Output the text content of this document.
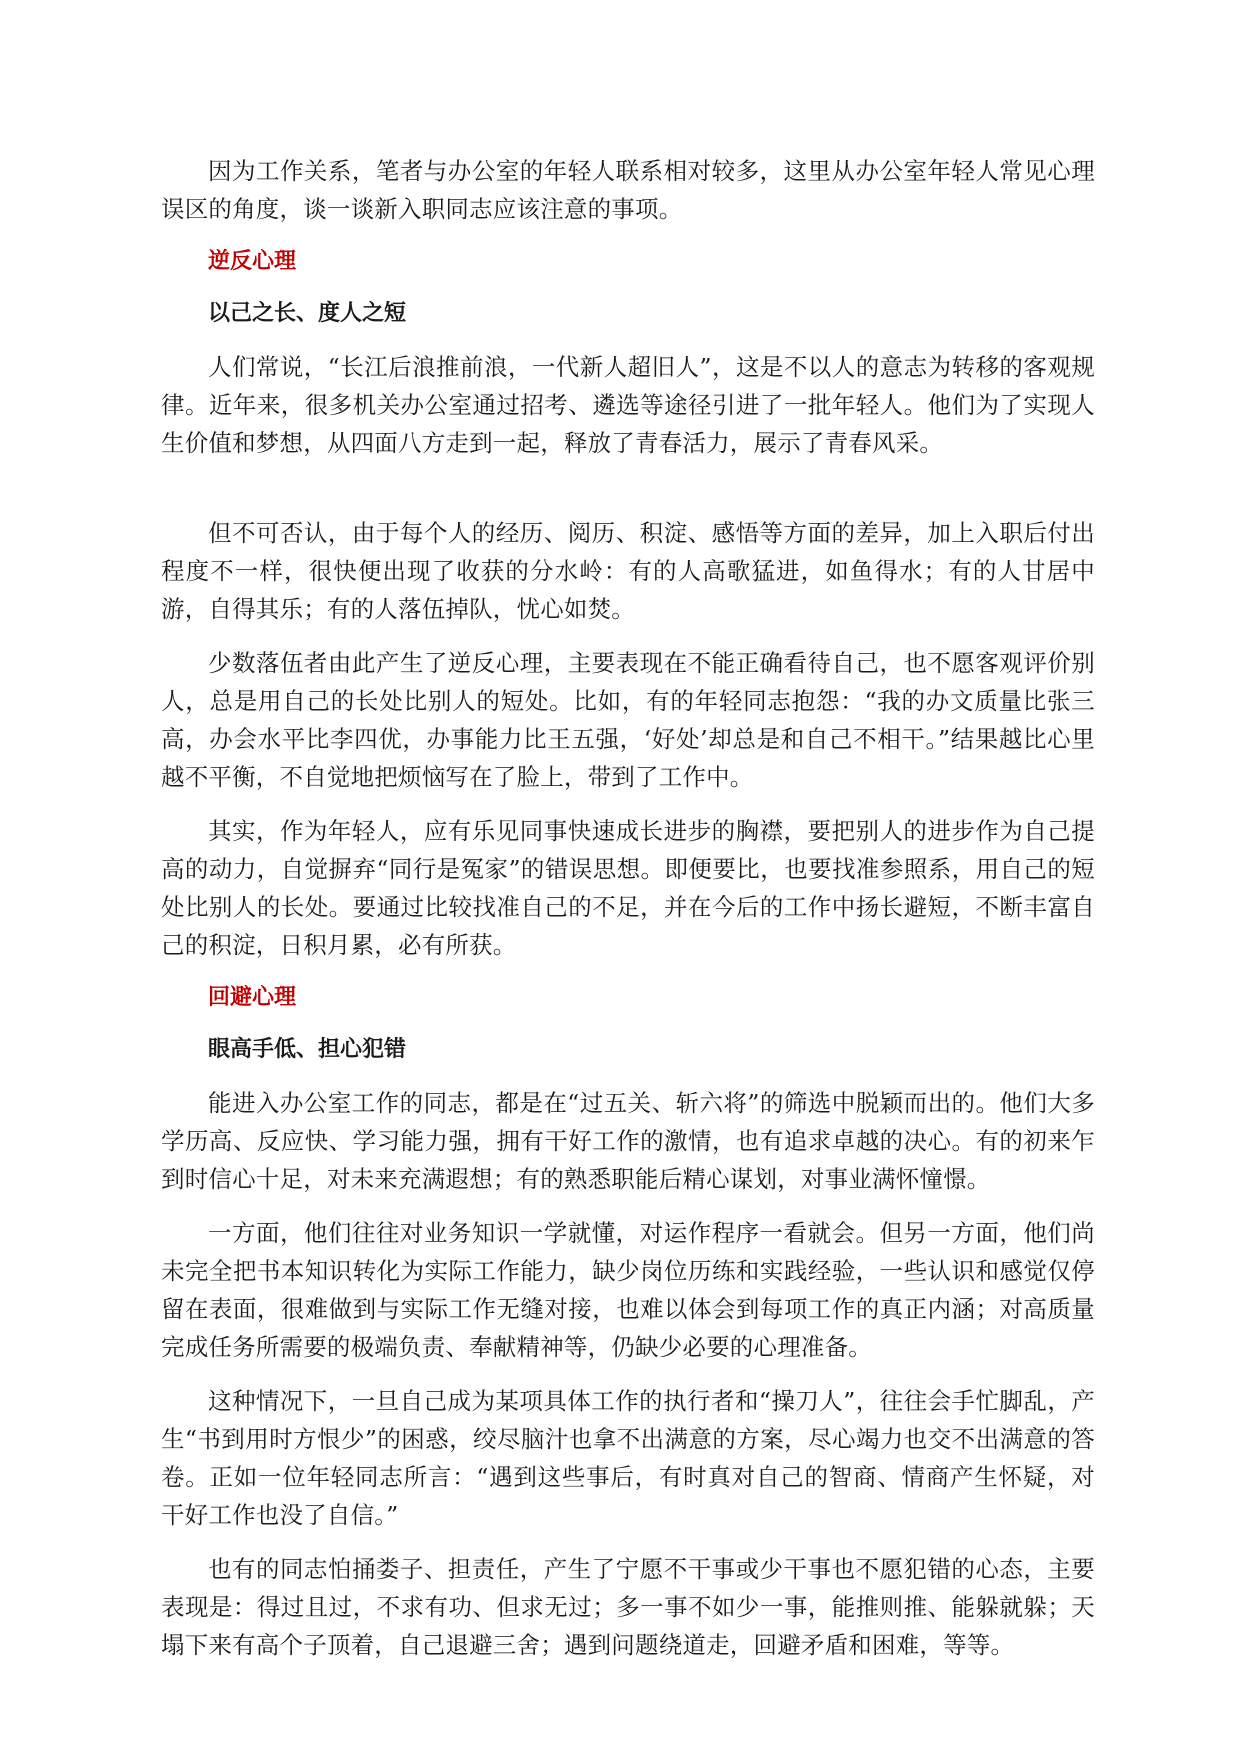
因为工作关系，笔者与办公室的年轻人联系相对较多，这里从办公室年轻人常见心理误区的角度，谈一谈新入职同志应该注意的事项。

逆反心理
以己之长、度人之短

人们常说，“长江后浪推前浪，一代新人超旧人”，这是不以人的意志为转移的客观规律。近年来，很多机关办公室通过招考、遴选等途径引进了一批年轻人。他们为了实现人生价值和梦想，从四面八方走到一起，释放了青春活力，展示了青春风采。

但不可否认，由于每个人的经历、阅历、积淀、感悟等方面的差异，加上入职后付出程度不一样，很快便出现了收获的分水岭：有的人高歌猛进，如鱼得水；有的人甘居中游，自得其乐；有的人落伍掉队，忧心如焚。

少数落伍者由此产生了逆反心理，主要表现在不能正确看待自己，也不愿客观评价别人，总是用自己的长处比别人的短处。比如，有的年轻同志抱怨：“我的办文质量比张三高，办会水平比李四优，办事能力比王五强，‘好处’却总是和自己不相干。”结果越比心里越不平衡，不自觉地把烦恼写在了脸上，带到了工作中。

其实，作为年轻人，应有乐见同事快速成长进步的胸襟，要把别人的进步作为自己提高的动力，自觉摒弃“同行是冤家”的错误思想。即便要比，也要找准参照系，用自己的短处比别人的长处。要通过比较找准自己的不足，并在今后的工作中扬长避短，不断丰富自己的积淀，日积月累，必有所获。

回避心理
眼高手低、担心犯错

能进入办公室工作的同志，都是在“过五关、斩六将”的筛选中脱颖而出的。他们大多学历高、反应快、学习能力强，拥有干好工作的激情，也有追求卓越的决心。有的初来乍到时信心十足，对未来充满遐想；有的熟悉职能后精心谋划，对事业满怀憧憬。

一方面，他们往往对业务知识一学就懂，对运作程序一看就会。但另一方面，他们尚未完全把书本知识转化为实际工作能力，缺少岗位历练和实践经验，一些认识和感觉仅停留在表面，很难做到与实际工作无缝对接，也难以体会到每项工作的真正内涵；对高质量完成任务所需要的极端负责、奉献精神等，仍缺少必要的心理准备。

这种情况下，一旦自己成为某项具体工作的执行者和“操刀人”，往往会手忙脚乱，产生“书到用时方恨少”的困惑，绞尽脑汁也拿不出满意的方案，尽心竭力也交不出满意的答卷。正如一位年轻同志所言：“遇到这些事后，有时真对自己的智商、情商产生怀疑，对干好工作也没了自信。”

也有的同志怕捅娄子、担责任，产生了宁愿不干事或少干事也不愿犯错的心态，主要表现是：得过且过，不求有功、但求无过；多一事不如少一事，能推则推、能躲就躲；天塌下来有高个子顶着，自己退避三舍；遇到问题绕道走，回避矛盾和困难，等等。
